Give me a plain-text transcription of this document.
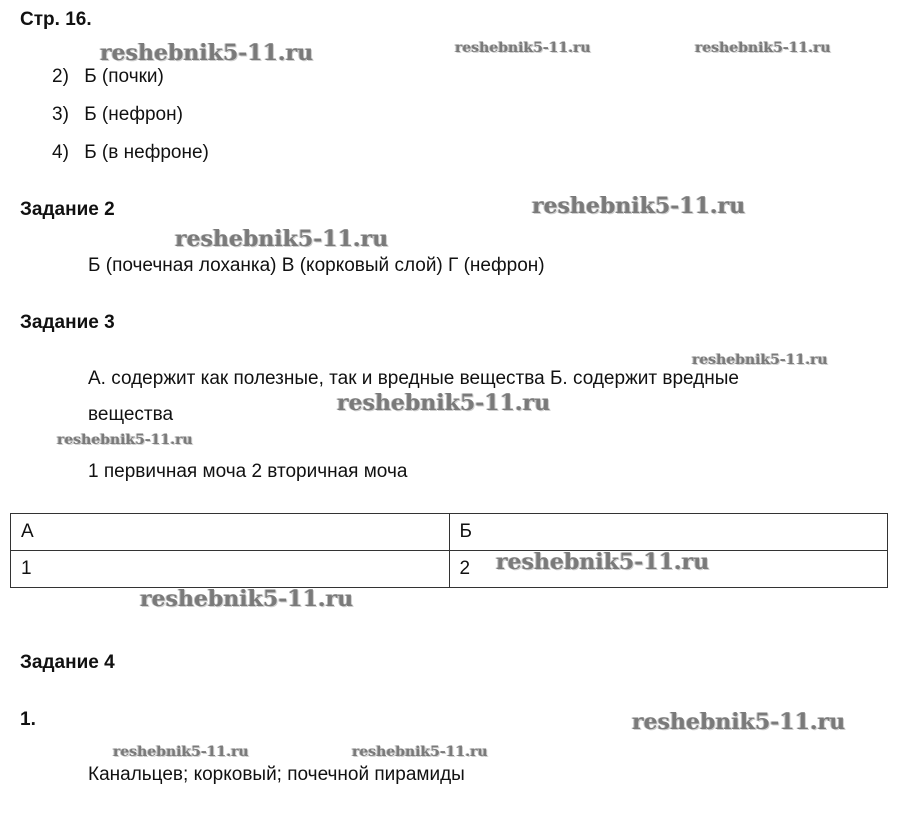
Стр. 16.
2) Б (почки)
3) Б (нефрон)
4) Б (в нефроне)
Задание 2
Б (почечная лоханка) В (корковый слой) Г (нефрон)
Задание 3
А. содержит как полезные, так и вредные вещества Б. содержит вредные
вещества
1 первичная моча 2 вторичная моча
А	Б
1	2
Задание 4
1.
Канальцев; корковый; почечной пирамиды
reshebnik5-11.ru	reshebnik5-11.ru	reshebnik5-11.ru
reshebnik5-11.ru
reshebnik5-11.ru
reshebnik5-11.ru
reshebnik5-11.ru
reshebnik5-11.ru
reshebnik5-11.ru
reshebnik5-11.ru
reshebnik5-11.ru
reshebnik5-11.ru	reshebnik5-11.ru
